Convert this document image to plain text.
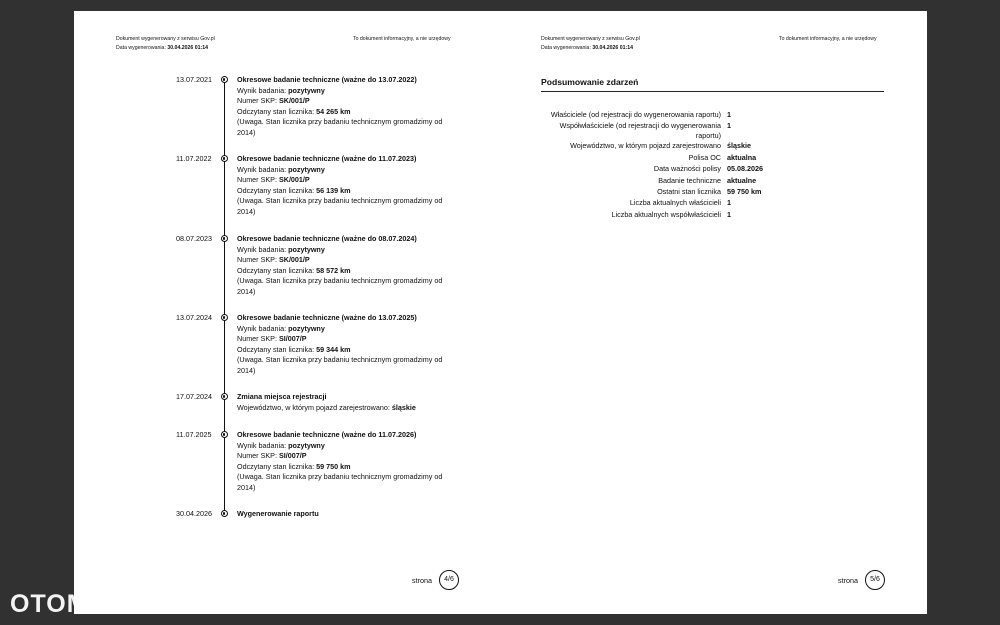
Dokument wygenerowany z serwisu Gov.pl
Data wygenerowania: 30.04.2026 01:14
To dokument informacyjny, a nie urzędowy	Dokument wygenerowany z serwisu Gov.pl
Data wygenerowania: 30.04.2026 01:14
To dokument informacyjny, a nie urzędowy
13.07.2021	Okresowe badanie techniczne (ważne do 13.07.2022)
Wynik badania: pozytywny
Numer SKP: SK/001/P
Odczytany stan licznika: 54 265 km
(Uwaga. Stan licznika przy badaniu technicznym gromadzimy od 2014)
11.07.2022	Okresowe badanie techniczne (ważne do 11.07.2023)
Wynik badania: pozytywny
Numer SKP: SK/001/P
Odczytany stan licznika: 56 139 km
(Uwaga. Stan licznika przy badaniu technicznym gromadzimy od 2014)
08.07.2023	Okresowe badanie techniczne (ważne do 08.07.2024)
Wynik badania: pozytywny
Numer SKP: SK/001/P
Odczytany stan licznika: 58 572 km
(Uwaga. Stan licznika przy badaniu technicznym gromadzimy od 2014)
13.07.2024	Okresowe badanie techniczne (ważne do 13.07.2025)
Wynik badania: pozytywny
Numer SKP: SI/007/P
Odczytany stan licznika: 59 344 km
(Uwaga. Stan licznika przy badaniu technicznym gromadzimy od 2014)
17.07.2024	Zmiana miejsca rejestracji
Województwo, w którym pojazd zarejestrowano: śląskie
11.07.2025	Okresowe badanie techniczne (ważne do 11.07.2026)
Wynik badania: pozytywny
Numer SKP: SI/007/P
Odczytany stan licznika: 59 750 km
(Uwaga. Stan licznika przy badaniu technicznym gromadzimy od 2014)
30.04.2026	Wygenerowanie raportu
Podsumowanie zdarzeń
Właściciele (od rejestracji do wygenerowania raportu) 1
Współwłaściciele (od rejestracji do wygenerowania raportu)
1
Województwo, w którym pojazd zarejestrowano śląskie
Polisa OC aktualna
Data ważności polisy 05.08.2026
Badanie techniczne aktualne
Ostatni stan licznika 59 750 km
Liczba aktualnych właścicieli 1
Liczba aktualnych współwłaścicieli 1
strona	4/6	strona	5/6
OTOMOTO
